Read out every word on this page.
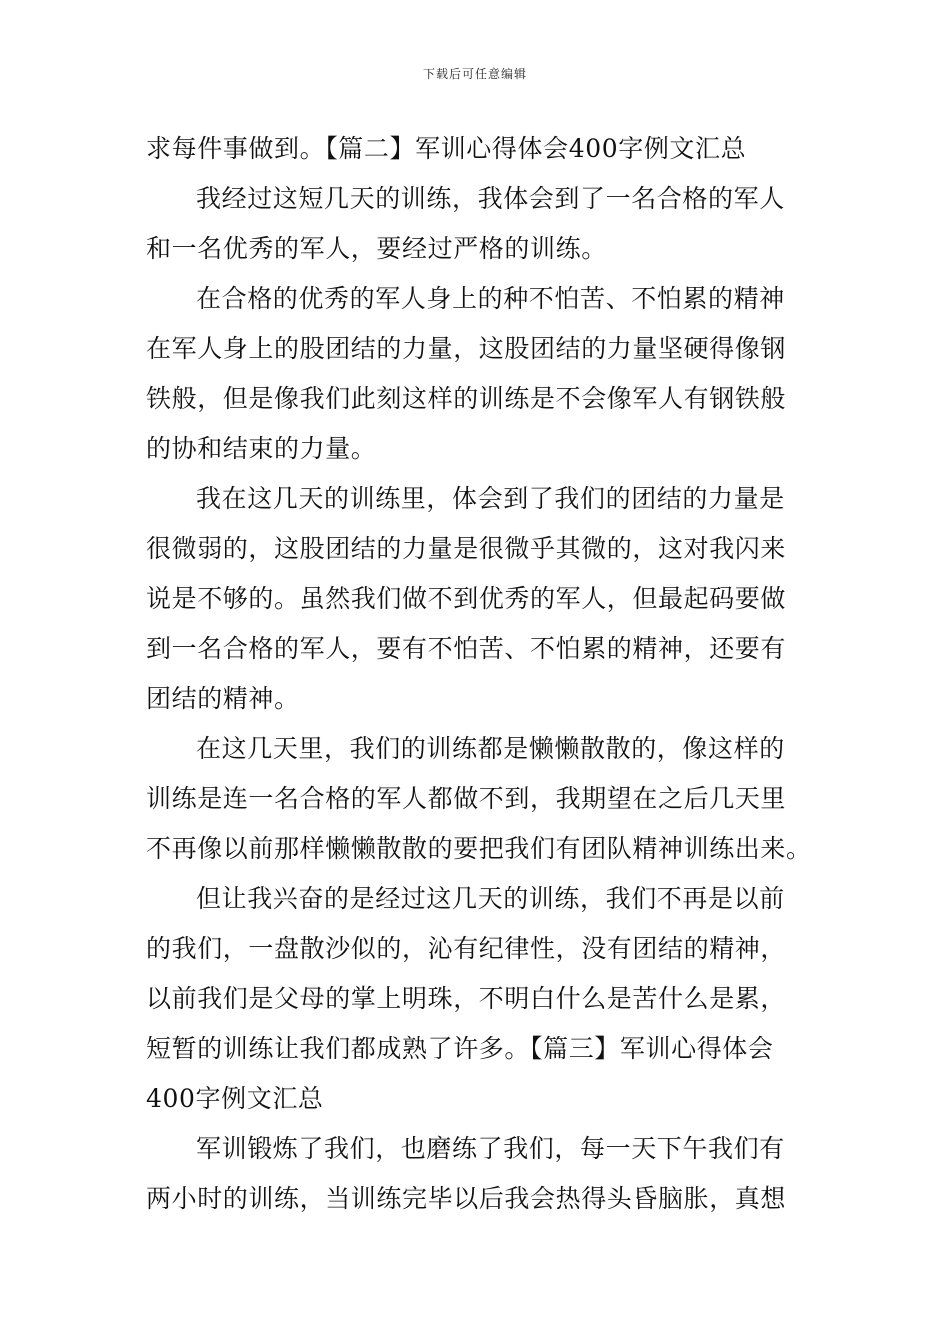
下载后可任意编辑
求每件事做到。【篇二】军训心得体会400字例文汇总
我经过这短几天的训练，我体会到了一名合格的军人
和一名优秀的军人，要经过严格的训练。
在合格的优秀的军人身上的种不怕苦、不怕累的精神
在军人身上的股团结的力量，这股团结的力量坚硬得像钢
铁般，但是像我们此刻这样的训练是不会像军人有钢铁般
的协和结束的力量。
我在这几天的训练里，体会到了我们的团结的力量是
很微弱的，这股团结的力量是很微乎其微的，这对我闪来
说是不够的。虽然我们做不到优秀的军人，但最起码要做
到一名合格的军人，要有不怕苦、不怕累的精神，还要有
团结的精神。
在这几天里，我们的训练都是懒懒散散的，像这样的
训练是连一名合格的军人都做不到，我期望在之后几天里
不再像以前那样懒懒散散的要把我们有团队精神训练出来。
但让我兴奋的是经过这几天的训练，我们不再是以前
的我们，一盘散沙似的，沁有纪律性，没有团结的精神，
以前我们是父母的掌上明珠，不明白什么是苦什么是累，
短暂的训练让我们都成熟了许多。【篇三】军训心得体会
400字例文汇总
军训锻炼了我们，也磨练了我们，每一天下午我们有
两小时的训练，当训练完毕以后我会热得头昏脑胀，真想
